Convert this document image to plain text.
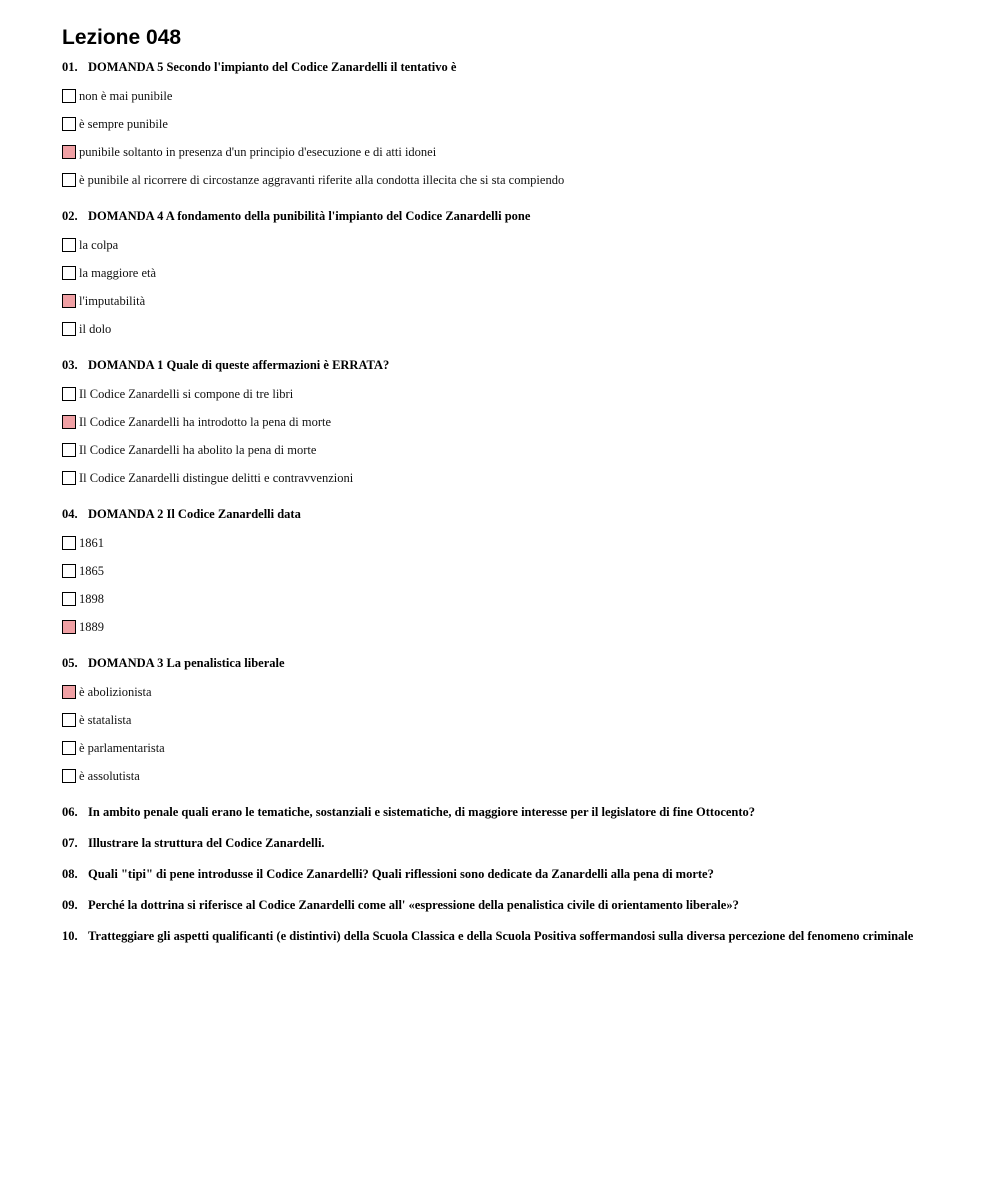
Lezione 048
01. DOMANDA 5 Secondo l'impianto del Codice Zanardelli il tentativo è
non è mai punibile
è sempre punibile
punibile soltanto in presenza d'un principio d'esecuzione e di atti idonei
è punibile al ricorrere di circostanze aggravanti riferite alla condotta illecita che si sta compiendo
02. DOMANDA 4 A fondamento della punibilità l'impianto del Codice Zanardelli pone
la colpa
la maggiore età
l'imputabilità
il dolo
03. DOMANDA 1 Quale di queste affermazioni è ERRATA?
Il Codice Zanardelli si compone di tre libri
Il Codice Zanardelli ha introdotto la pena di morte
Il Codice Zanardelli ha abolito la pena di morte
Il Codice Zanardelli distingue delitti e contravvenzioni
04. DOMANDA 2 Il Codice Zanardelli data
1861
1865
1898
1889
05. DOMANDA 3 La penalistica liberale
è abolizionista
è statalista
è parlamentarista
è assolutista
06. In ambito penale quali erano le tematiche, sostanziali e sistematiche, di maggiore interesse per il legislatore di fine Ottocento?
07. Illustrare la struttura del Codice Zanardelli.
08. Quali "tipi" di pene introdusse il Codice Zanardelli? Quali riflessioni sono dedicate da Zanardelli alla pena di morte?
09. Perché la dottrina si riferisce al Codice Zanardelli come all' «espressione della penalistica civile di orientamento liberale»?
10. Tratteggiare gli aspetti qualificanti (e distintivi) della Scuola Classica e della Scuola Positiva soffermandosi sulla diversa percezione del fenomeno criminale
